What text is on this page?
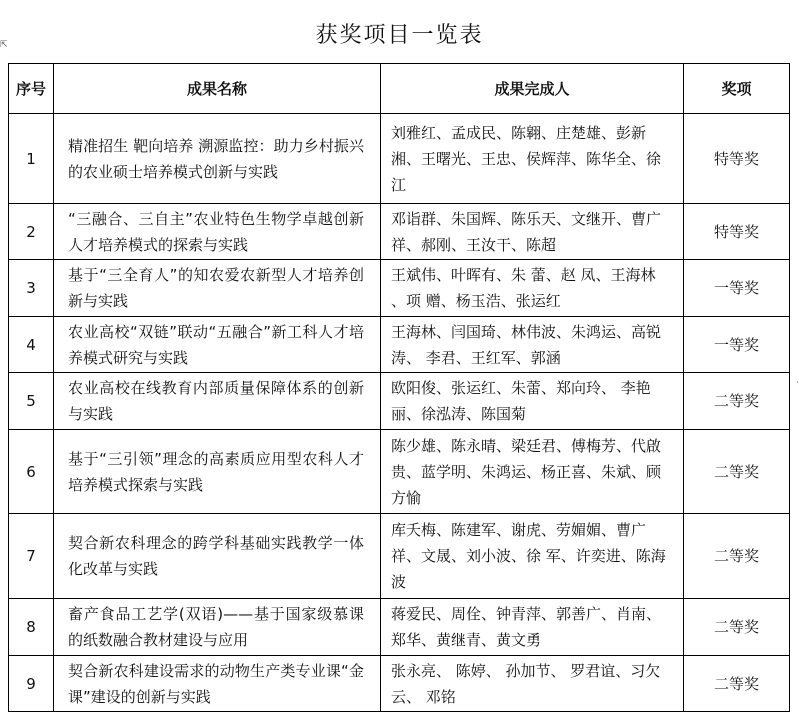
获奖项目一览表
⇱
·
序号	成果名称	成果完成人	奖项
1	精准招生 靶向培养 溯源监控：助力乡村振兴的农业硕士培养模式创新与实践	刘雅红、孟成民、陈翱、庄楚雄、彭新湘、王曙光、王忠、侯辉萍、陈华全、徐江	特等奖
2	“三融合、三自主”农业特色生物学卓越创新人才培养模式的探索与实践	邓诣群、朱国辉、陈乐天、文继开、曹广祥、郝刚、王汝干、陈超	特等奖
3	基于“三全育人”的知农爱农新型人才培养创新与实践	王斌伟、叶晖有、朱 蕾、赵 凤、王海林 、项 赠、杨玉浩、张运红	一等奖
4	农业高校“双链”联动“五融合”新工科人才培养模式研究与实践	王海林、闫国琦、林伟波、朱鸿运、高锐涛、 李君、王红军、郭涵	一等奖
5	农业高校在线教育内部质量保障体系的创新与实践	欧阳俊、张运红、朱蕾、郑向玲、 李艳丽、徐泓涛、陈国菊	二等奖
6	基于“三引领”理念的高素质应用型农科人才培养模式探索与实践	陈少雄、陈永晴、梁廷君、傅梅芳、代啟贵、蓝学明、朱鸿运、杨正喜、朱斌、顾方愉	二等奖
7	契合新农科理念的跨学科基础实践教学一体化改革与实践	库夭梅、陈建军、谢虎、劳媚媚、曹广祥、文晟、刘小波、徐 军、许奕进、陈海波	二等奖
8	畜产食品工艺学(双语)——基于国家级慕课的纸数融合教材建设与应用	蒋爱民、周佺、钟青萍、郭善广、肖南、郑华、黄继青、黄文勇	二等奖
9	契合新农科建设需求的动物生产类专业课“金课”建设的创新与实践	张永亮、 陈婷、 孙加节、 罗君谊、习欠云、 邓铭	二等奖
